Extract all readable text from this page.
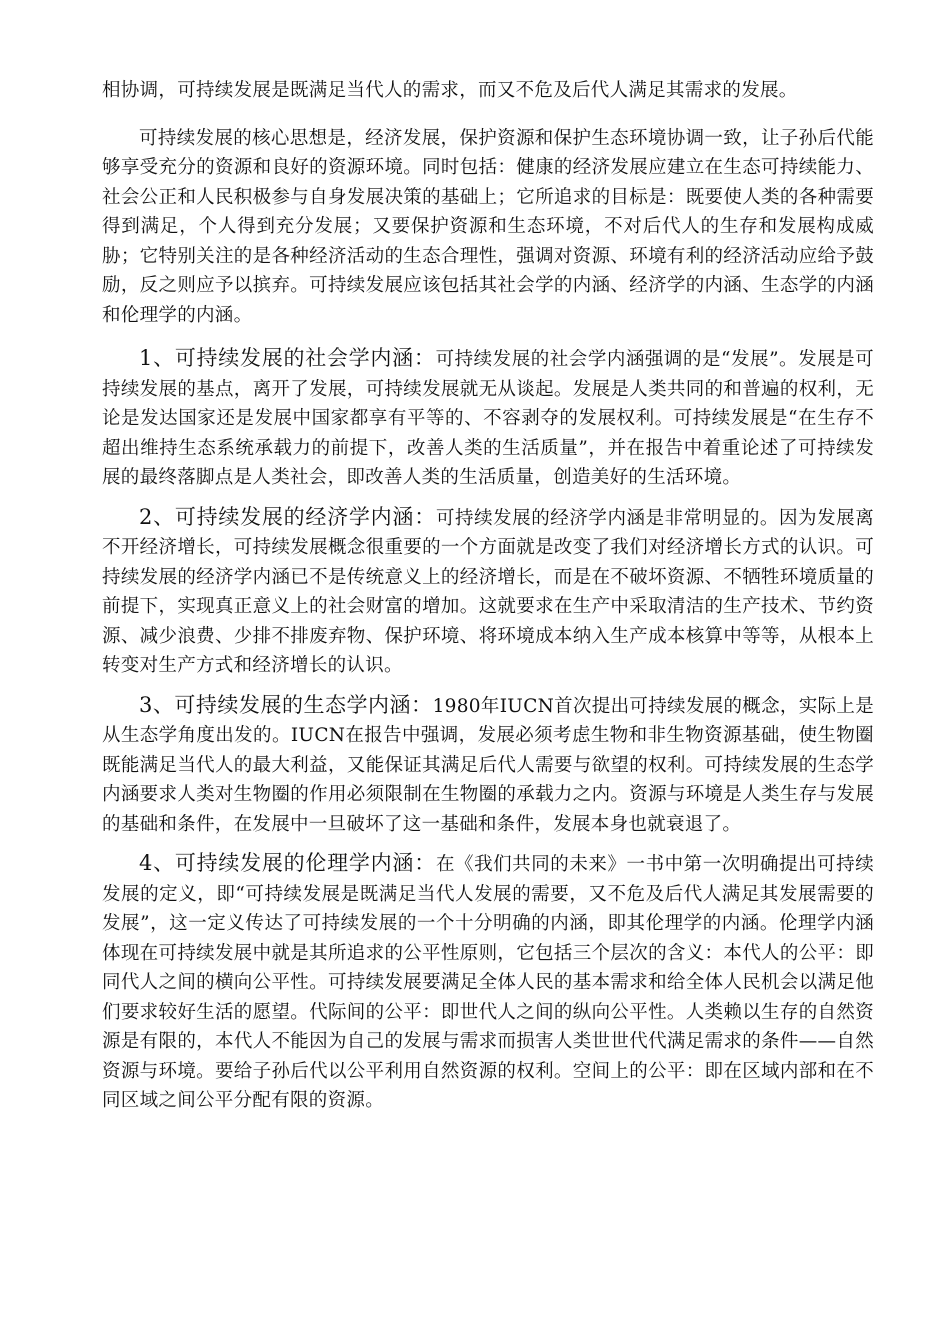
相协调，可持续发展是既满足当代人的需求，而又不危及后代人满足其需求的发展。

可持续发展的核心思想是，经济发展，保护资源和保护生态环境协调一致，让子孙后代能够享受充分的资源和良好的资源环境。同时包括：健康的经济发展应建立在生态可持续能力、社会公正和人民积极参与自身发展决策的基础上；它所追求的目标是：既要使人类的各种需要得到满足，个人得到充分发展；又要保护资源和生态环境，不对后代人的生存和发展构成威胁；它特别关注的是各种经济活动的生态合理性，强调对资源、环境有利的经济活动应给予鼓励，反之则应予以摈弃。可持续发展应该包括其社会学的内涵、经济学的内涵、生态学的内涵和伦理学的内涵。

1、可持续发展的社会学内涵：可持续发展的社会学内涵强调的是“发展”。发展是可持续发展的基点，离开了发展，可持续发展就无从谈起。发展是人类共同的和普遍的权利，无论是发达国家还是发展中国家都享有平等的、不容剥夺的发展权利。可持续发展是“在生存不超出维持生态系统承载力的前提下，改善人类的生活质量”，并在报告中着重论述了可持续发展的最终落脚点是人类社会，即改善人类的生活质量，创造美好的生活环境。

2、可持续发展的经济学内涵：可持续发展的经济学内涵是非常明显的。因为发展离不开经济增长，可持续发展概念很重要的一个方面就是改变了我们对经济增长方式的认识。可持续发展的经济学内涵已不是传统意义上的经济增长，而是在不破坏资源、不牺牲环境质量的前提下，实现真正意义上的社会财富的增加。这就要求在生产中采取清洁的生产技术、节约资源、减少浪费、少排不排废弃物、保护环境、将环境成本纳入生产成本核算中等等，从根本上转变对生产方式和经济增长的认识。

3、可持续发展的生态学内涵：1980年IUCN首次提出可持续发展的概念，实际上是从生态学角度出发的。IUCN在报告中强调，发展必须考虑生物和非生物资源基础，使生物圈既能满足当代人的最大利益，又能保证其满足后代人需要与欲望的权利。可持续发展的生态学内涵要求人类对生物圈的作用必须限制在生物圈的承载力之内。资源与环境是人类生存与发展的基础和条件，在发展中一旦破坏了这一基础和条件，发展本身也就衰退了。

4、可持续发展的伦理学内涵：在《我们共同的未来》一书中第一次明确提出可持续发展的定义，即“可持续发展是既满足当代人发展的需要，又不危及后代人满足其发展需要的发展”，这一定义传达了可持续发展的一个十分明确的内涵，即其伦理学的内涵。伦理学内涵体现在可持续发展中就是其所追求的公平性原则，它包括三个层次的含义：本代人的公平：即同代人之间的横向公平性。可持续发展要满足全体人民的基本需求和给全体人民机会以满足他们要求较好生活的愿望。代际间的公平：即世代人之间的纵向公平性。人类赖以生存的自然资源是有限的，本代人不能因为自己的发展与需求而损害人类世世代代满足需求的条件——自然资源与环境。要给子孙后代以公平利用自然资源的权利。空间上的公平：即在区域内部和在不同区域之间公平分配有限的资源。
